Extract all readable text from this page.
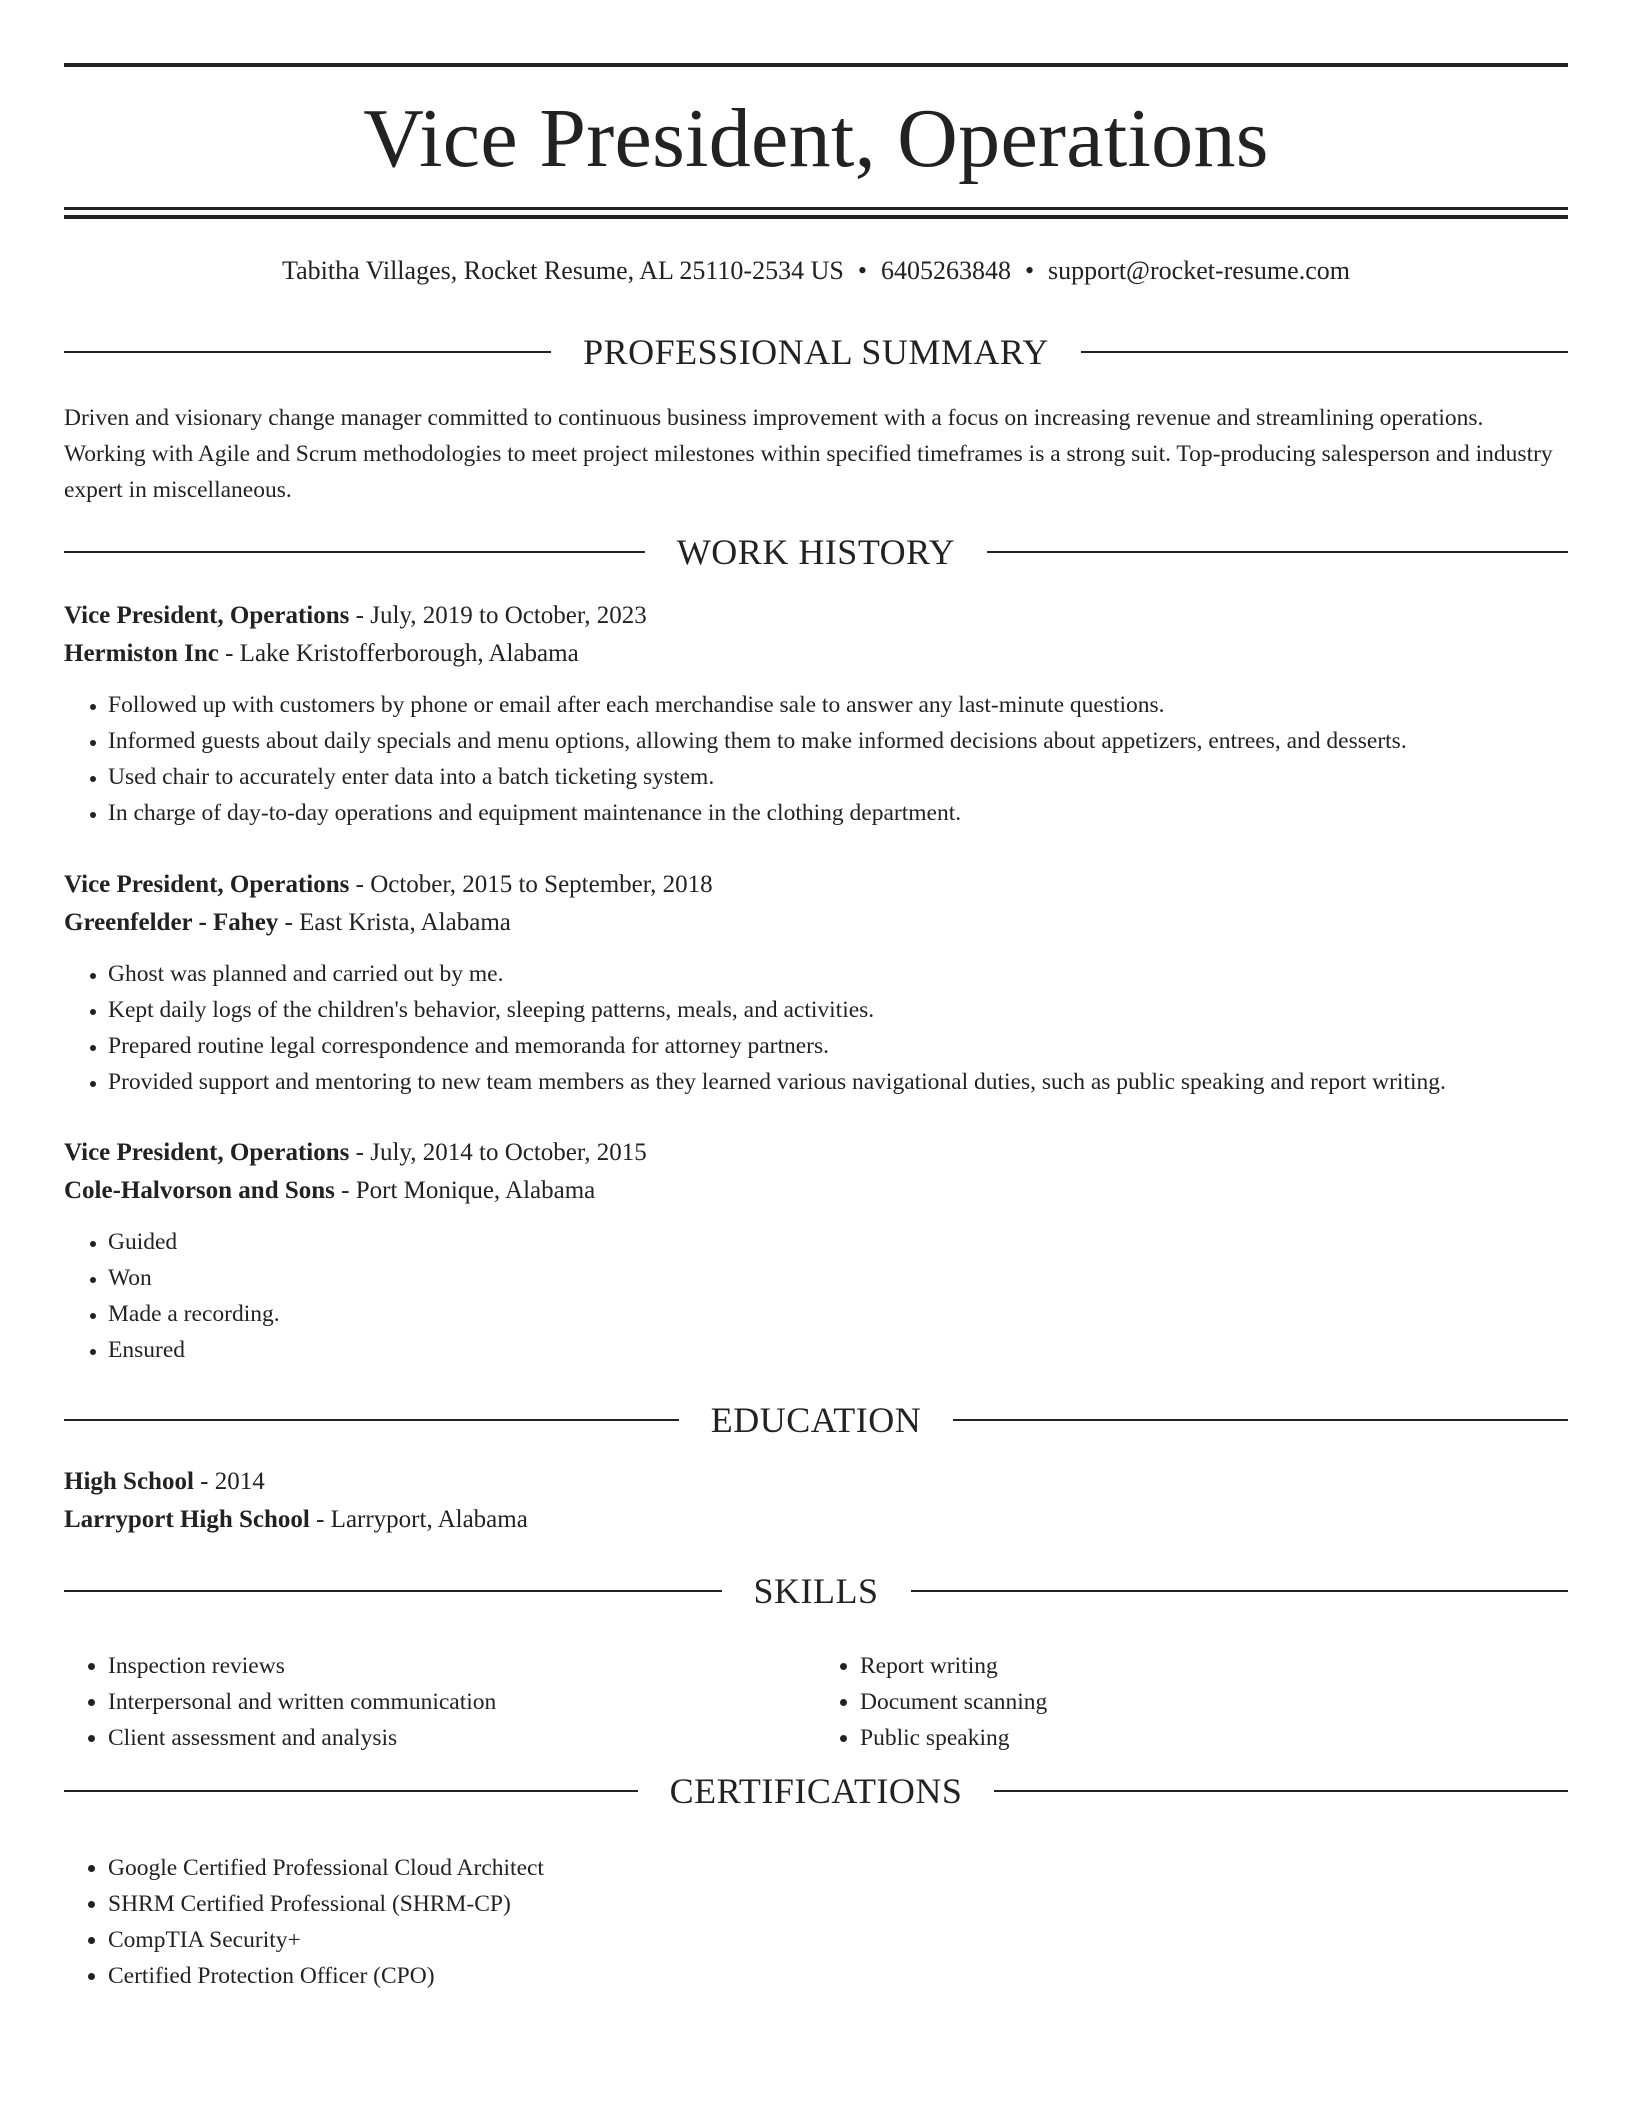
Vice President, Operations
Tabitha Villages, Rocket Resume, AL 25110-2534 US • 6405263848 • support@rocket-resume.com
PROFESSIONAL SUMMARY

Driven and visionary change manager committed to continuous business improvement with a focus on increasing revenue and streamlining operations. Working with Agile and Scrum methodologies to meet project milestones within specified timeframes is a strong suit. Top-producing salesperson and industry expert in miscellaneous.

WORK HISTORY

Vice President, Operations - July, 2019 to October, 2023

Hermiston Inc - Lake Kristofferborough, Alabama

• Followed up with customers by phone or email after each merchandise sale to answer any last-minute questions.
• Informed guests about daily specials and menu options, allowing them to make informed decisions about appetizers, entrees, and desserts.
• Used chair to accurately enter data into a batch ticketing system.
• In charge of day-to-day operations and equipment maintenance in the clothing department.

Vice President, Operations - October, 2015 to September, 2018

Greenfelder - Fahey - East Krista, Alabama

• Ghost was planned and carried out by me.
• Kept daily logs of the children's behavior, sleeping patterns, meals, and activities.
• Prepared routine legal correspondence and memoranda for attorney partners.
• Provided support and mentoring to new team members as they learned various navigational duties, such as public speaking and report writing.

Vice President, Operations - July, 2014 to October, 2015

Cole-Halvorson and Sons - Port Monique, Alabama

• Guided
• Won
• Made a recording.
• Ensured
EDUCATION

High School - 2014

Larryport High School - Larryport, Alabama

SKILLS
• Inspection reviews
• Interpersonal and written communication
• Client assessment and analysis
• Report writing
• Document scanning
• Public speaking
CERTIFICATIONS
• Google Certified Professional Cloud Architect
• SHRM Certified Professional (SHRM-CP)
• CompTIA Security+
• Certified Protection Officer (CPO)
